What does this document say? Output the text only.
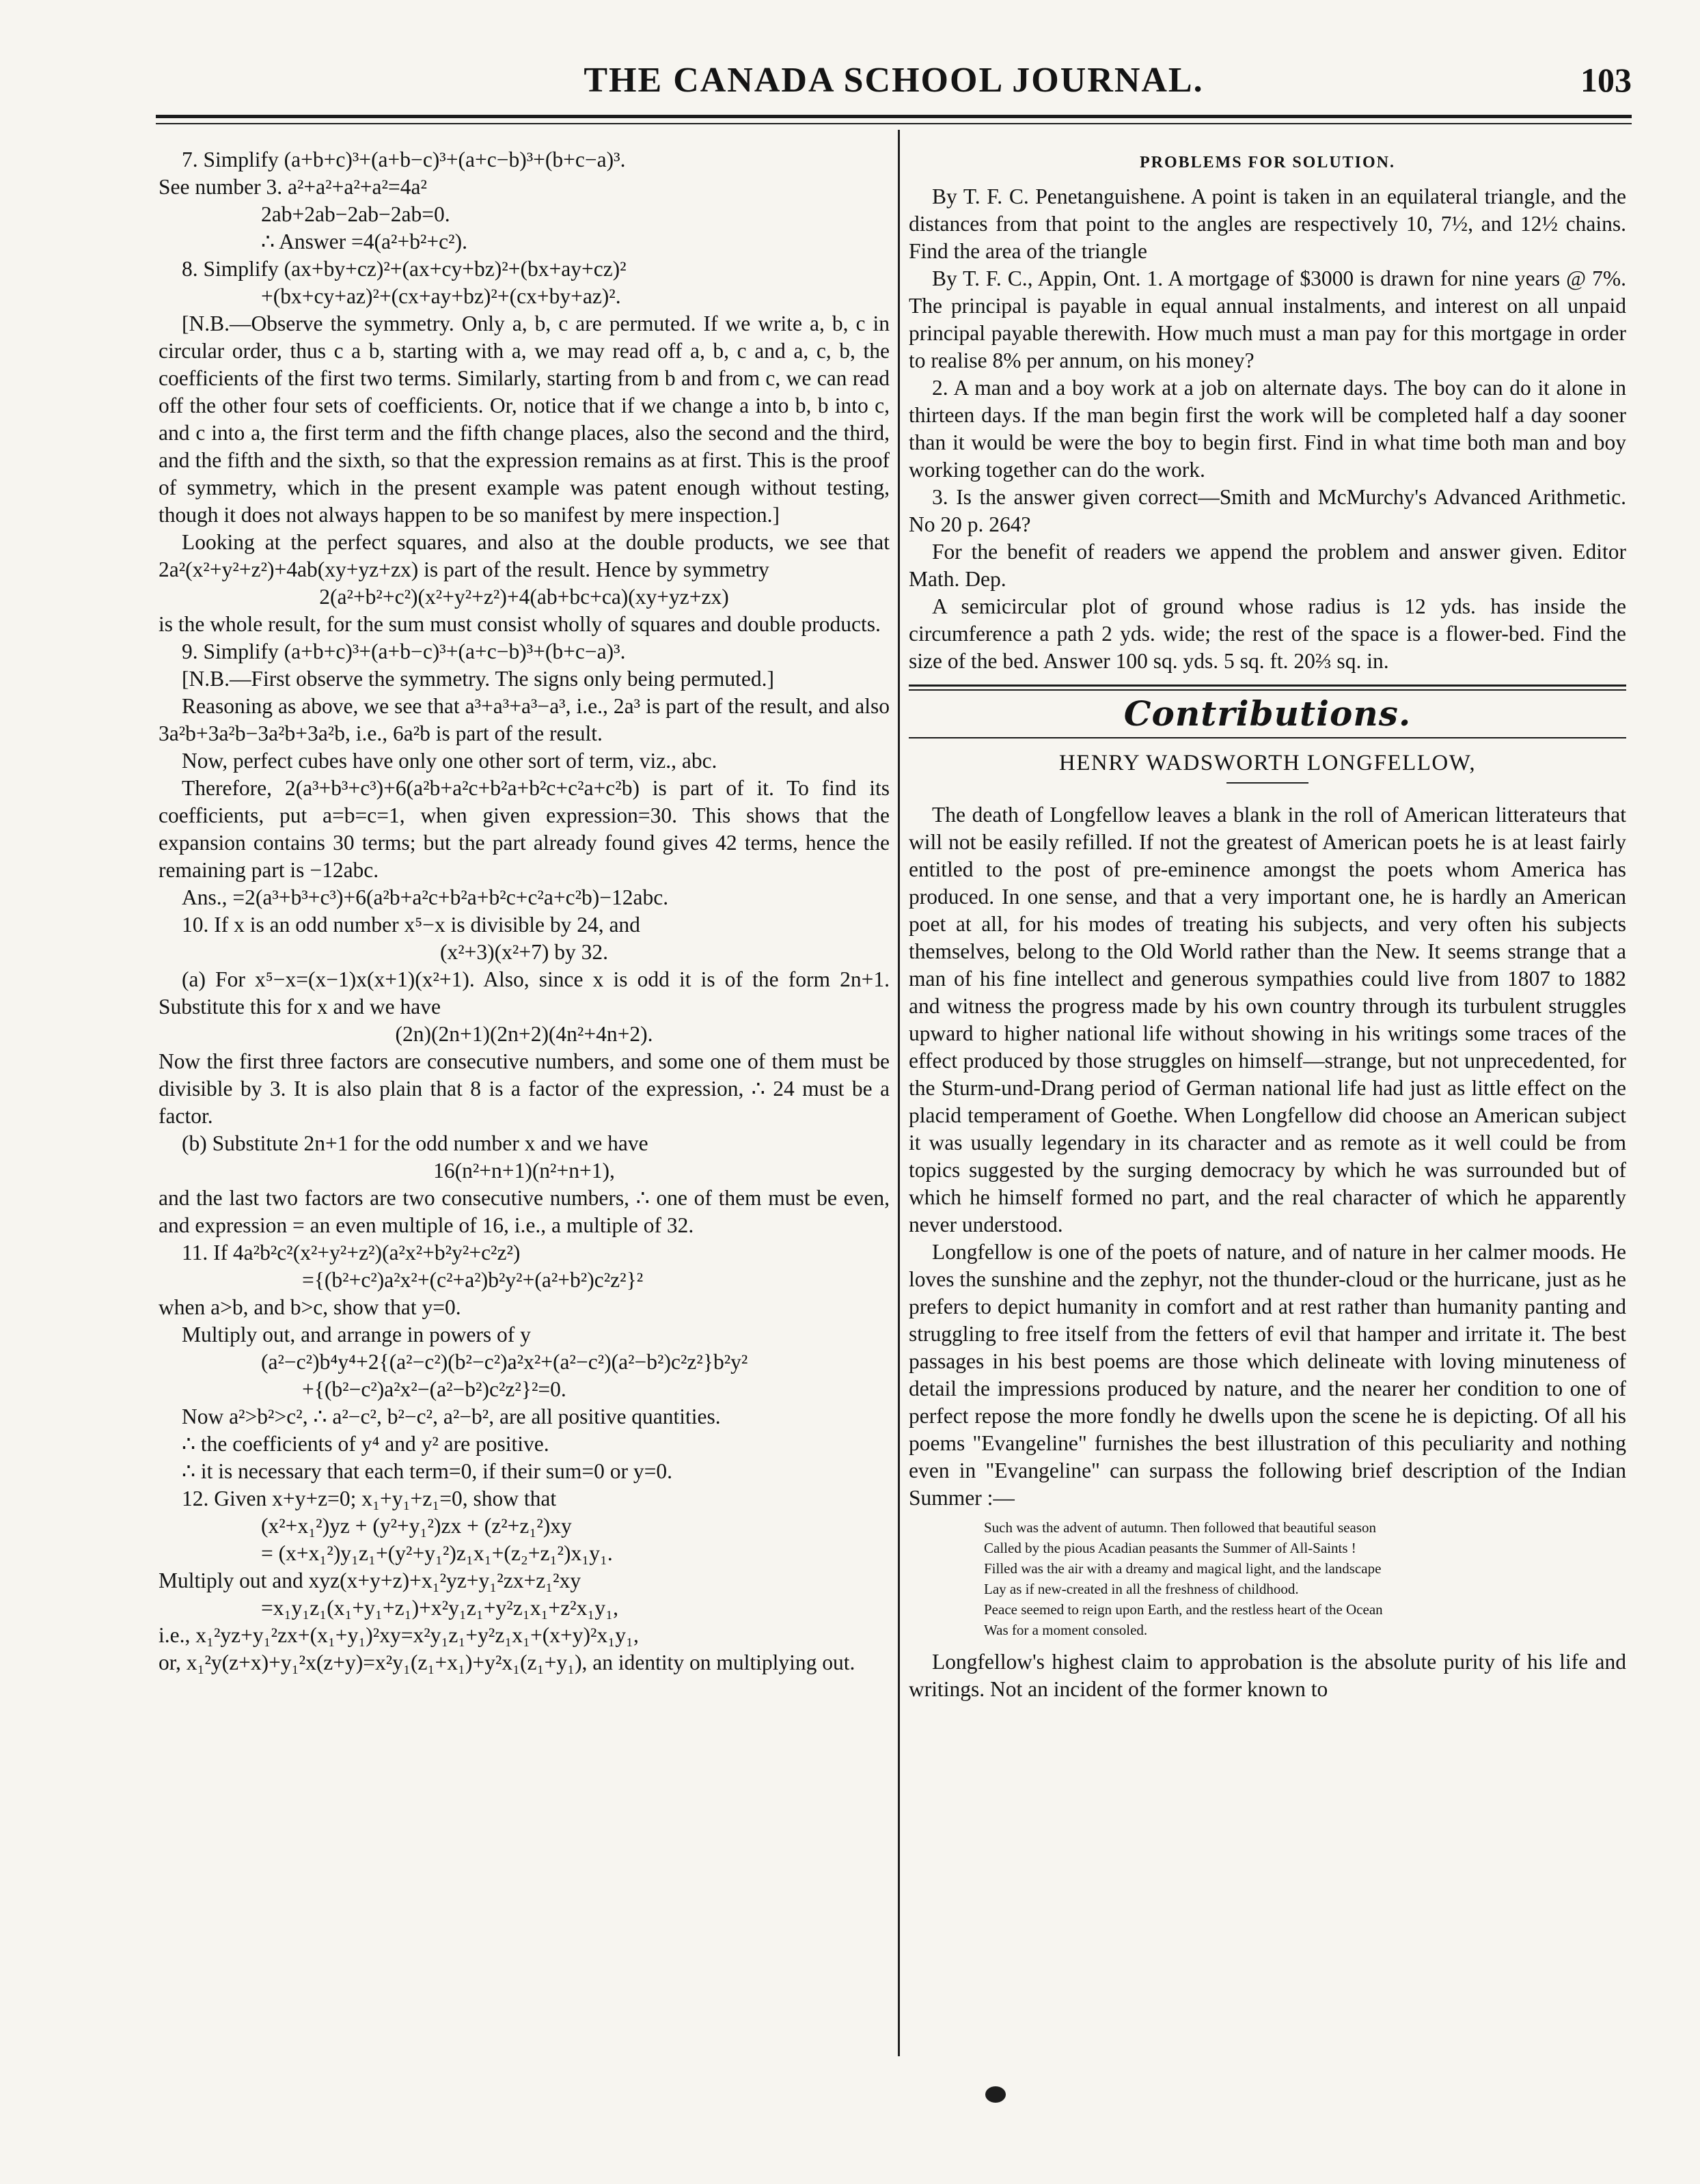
THE CANADA SCHOOL JOURNAL.	103

7. Simplify (a+b+c)³+(a+b−c)³+(a+c−b)³+(b+c−a)³.

See number 3. a²+a²+a²+a²=4a²

2ab+2ab−2ab−2ab=0.

∴ Answer =4(a²+b²+c²).

8. Simplify (ax+by+cz)²+(ax+cy+bz)²+(bx+ay+cz)²

+(bx+cy+az)²+(cx+ay+bz)²+(cx+by+az)².

[N.B.—Observe the symmetry. Only a, b, c are permuted. If we write a, b, c in circular order, thus c a b, starting with a, we may read off a, b, c and a, c, b, the coefficients of the first two terms. Similarly, starting from b and from c, we can read off the other four sets of coefficients. Or, notice that if we change a into b, b into c, and c into a, the first term and the fifth change places, also the second and the third, and the fifth and the sixth, so that the expression remains as at first. This is the proof of symmetry, which in the present example was patent enough without testing, though it does not always happen to be so manifest by mere inspection.]

Looking at the perfect squares, and also at the double products, we see that 2a²(x²+y²+z²)+4ab(xy+yz+zx) is part of the result. Hence by symmetry

2(a²+b²+c²)(x²+y²+z²)+4(ab+bc+ca)(xy+yz+zx)

is the whole result, for the sum must consist wholly of squares and double products.

9. Simplify (a+b+c)³+(a+b−c)³+(a+c−b)³+(b+c−a)³.

[N.B.—First observe the symmetry. The signs only being permuted.]

Reasoning as above, we see that a³+a³+a³−a³, i.e., 2a³ is part of the result, and also 3a²b+3a²b−3a²b+3a²b, i.e., 6a²b is part of the result.

Now, perfect cubes have only one other sort of term, viz., abc.

Therefore, 2(a³+b³+c³)+6(a²b+a²c+b²a+b²c+c²a+c²b) is part of it. To find its coefficients, put a=b=c=1, when given expression=30. This shows that the expansion contains 30 terms; but the part already found gives 42 terms, hence the remaining part is −12abc.

Ans., =2(a³+b³+c³)+6(a²b+a²c+b²a+b²c+c²a+c²b)−12abc.

10. If x is an odd number x⁵−x is divisible by 24, and

(x²+3)(x²+7) by 32.

(a) For x⁵−x=(x−1)x(x+1)(x²+1). Also, since x is odd it is of the form 2n+1. Substitute this for x and we have

(2n)(2n+1)(2n+2)(4n²+4n+2).

Now the first three factors are consecutive numbers, and some one of them must be divisible by 3. It is also plain that 8 is a factor of the expression, ∴ 24 must be a factor.

(b) Substitute 2n+1 for the odd number x and we have

16(n²+n+1)(n²+n+1),

and the last two factors are two consecutive numbers, ∴ one of them must be even, and expression = an even multiple of 16, i.e., a multiple of 32.

11. If 4a²b²c²(x²+y²+z²)(a²x²+b²y²+c²z²)

={(b²+c²)a²x²+(c²+a²)b²y²+(a²+b²)c²z²}²

when a>b, and b>c, show that y=0.

Multiply out, and arrange in powers of y

(a²−c²)b⁴y⁴+2{(a²−c²)(b²−c²)a²x²+(a²−c²)(a²−b²)c²z²}b²y²

+{(b²−c²)a²x²−(a²−b²)c²z²}²=0.

Now a²>b²>c², ∴ a²−c², b²−c², a²−b², are all positive quantities.

∴ the coefficients of y⁴ and y² are positive.

∴ it is necessary that each term=0, if their sum=0 or y=0.

12. Given x+y+z=0; x₁+y₁+z₁=0, show that

(x²+x₁²)yz + (y²+y₁²)zx + (z²+z₁²)xy

= (x+x₁²)y₁z₁+(y²+y₁²)z₁x₁+(z₂+z₁²)x₁y₁.

Multiply out and xyz(x+y+z)+x₁²yz+y₁²zx+z₁²xy

=x₁y₁z₁(x₁+y₁+z₁)+x²y₁z₁+y²z₁x₁+z²x₁y₁,

i.e., x₁²yz+y₁²zx+(x₁+y₁)²xy=x²y₁z₁+y²z₁x₁+(x+y)²x₁y₁,

or, x₁²y(z+x)+y₁²x(z+y)=x²y₁(z₁+x₁)+y²x₁(z₁+y₁), an identity on multiplying out.

PROBLEMS FOR SOLUTION.

By T. F. C. Penetanguishene. A point is taken in an equilateral triangle, and the distances from that point to the angles are respectively 10, 7½, and 12½ chains. Find the area of the triangle

By T. F. C., Appin, Ont. 1. A mortgage of $3000 is drawn for nine years @ 7%. The principal is payable in equal annual instalments, and interest on all unpaid principal payable therewith. How much must a man pay for this mortgage in order to realise 8% per annum, on his money?

2. A man and a boy work at a job on alternate days. The boy can do it alone in thirteen days. If the man begin first the work will be completed half a day sooner than it would be were the boy to begin first. Find in what time both man and boy working together can do the work.

3. Is the answer given correct—Smith and McMurchy's Advanced Arithmetic. No 20 p. 264?

For the benefit of readers we append the problem and answer given. Editor Math. Dep.

A semicircular plot of ground whose radius is 12 yds. has inside the circumference a path 2 yds. wide; the rest of the space is a flower-bed. Find the size of the bed. Answer 100 sq. yds. 5 sq. ft. 20⅔ sq. in.

Contributions.
HENRY WADSWORTH LONGFELLOW,

The death of Longfellow leaves a blank in the roll of American litterateurs that will not be easily refilled. If not the greatest of American poets he is at least fairly entitled to the post of pre-eminence amongst the poets whom America has produced. In one sense, and that a very important one, he is hardly an American poet at all, for his modes of treating his subjects, and very often his subjects themselves, belong to the Old World rather than the New. It seems strange that a man of his fine intellect and generous sympathies could live from 1807 to 1882 and witness the progress made by his own country through its turbulent struggles upward to higher national life without showing in his writings some traces of the effect produced by those struggles on himself—strange, but not unprecedented, for the Sturm-und-Drang period of German national life had just as little effect on the placid temperament of Goethe. When Longfellow did choose an American subject it was usually legendary in its character and as remote as it well could be from topics suggested by the surging democracy by which he was surrounded but of which he himself formed no part, and the real character of which he apparently never understood.

Longfellow is one of the poets of nature, and of nature in her calmer moods. He loves the sunshine and the zephyr, not the thunder-cloud or the hurricane, just as he prefers to depict humanity in comfort and at rest rather than humanity panting and struggling to free itself from the fetters of evil that hamper and irritate it. The best passages in his best poems are those which delineate with loving minuteness of detail the impressions produced by nature, and the nearer her condition to one of perfect repose the more fondly he dwells upon the scene he is depicting. Of all his poems "Evangeline" furnishes the best illustration of this peculiarity and nothing even in "Evangeline" can surpass the following brief description of the Indian Summer :—

Such was the advent of autumn. Then followed that beautiful season
Called by the pious Acadian peasants the Summer of All-Saints !
Filled was the air with a dreamy and magical light, and the landscape
Lay as if new-created in all the freshness of childhood.
Peace seemed to reign upon Earth, and the restless heart of the Ocean
Was for a moment consoled.

Longfellow's highest claim to approbation is the absolute purity of his life and writings. Not an incident of the former known to
